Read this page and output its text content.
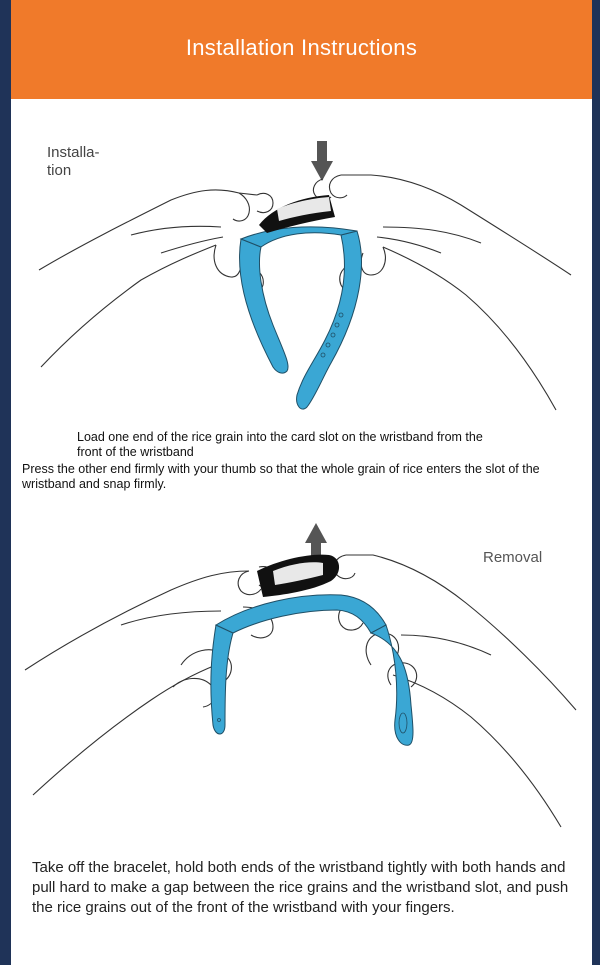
Installation Instructions
Installa-
tion
Load one end of the rice grain into the card slot on the wristband from the
front of the wristband
Press the other end firmly with your thumb so that the whole grain of rice enters the slot of the
wristband and snap firmly.
Removal
Take off the bracelet, hold both ends of the wristband tightly with both hands and pull hard to make a gap between the rice grains and the wristband slot, and push the rice grains out of the front of the wristband with your fingers.
